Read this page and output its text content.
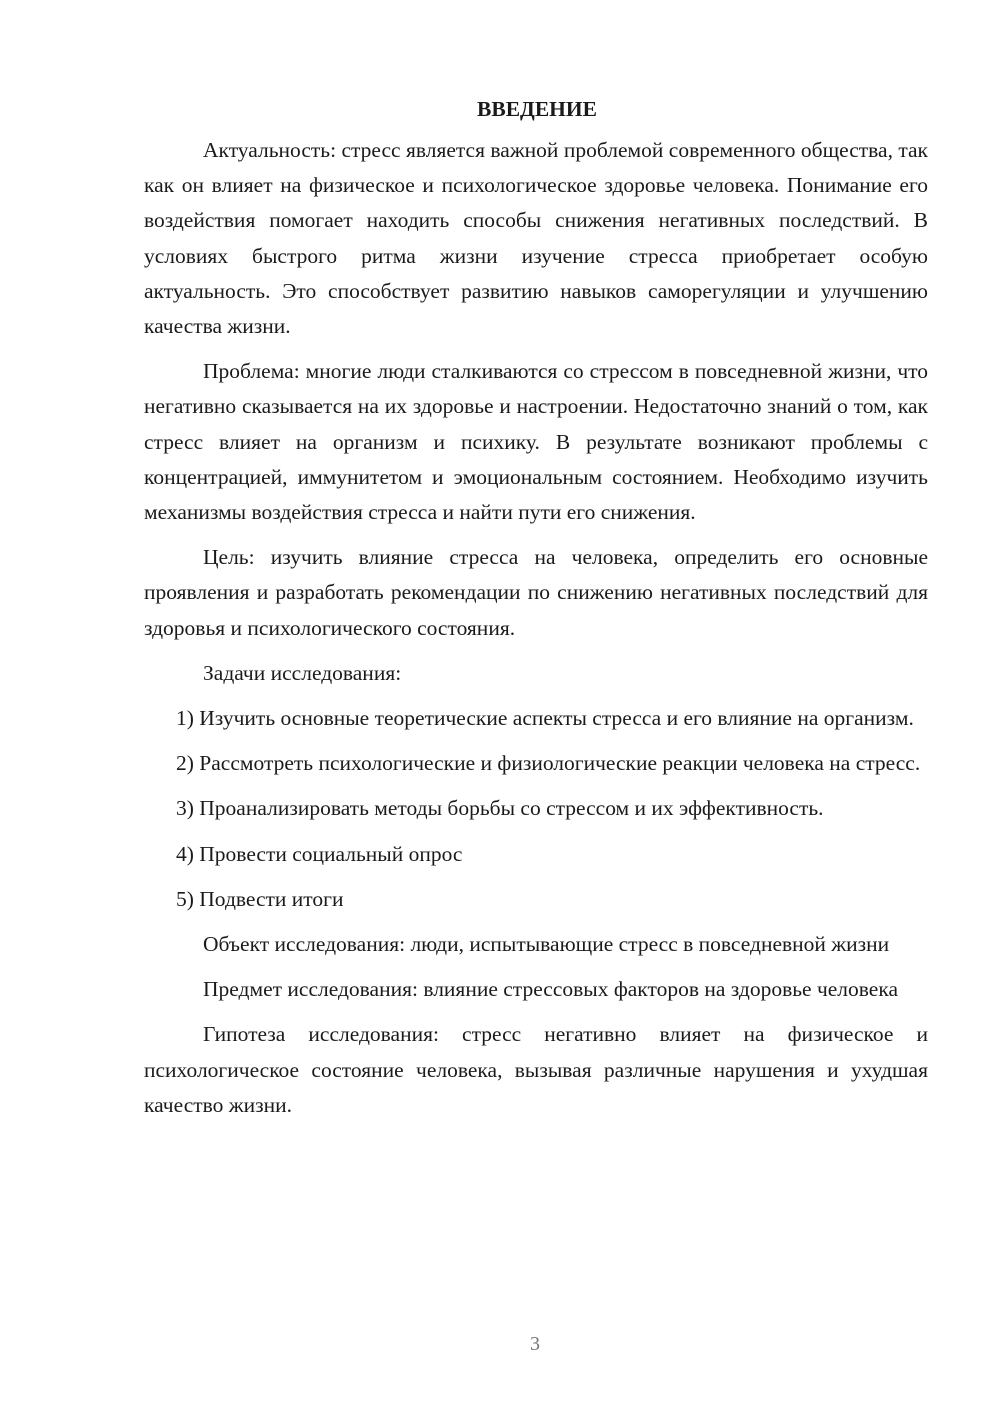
ВВЕДЕНИЕ

Актуальность: стресс является важной проблемой современного общества, так как он влияет на физическое и психологическое здоровье человека. Понимание его воздействия помогает находить способы снижения негативных последствий. В условиях быстрого ритма жизни изучение стресса приобретает особую актуальность. Это способствует развитию навыков саморегуляции и улучшению качества жизни.

Проблема: многие люди сталкиваются со стрессом в повседневной жизни, что негативно сказывается на их здоровье и настроении. Недостаточно знаний о том, как стресс влияет на организм и психику. В результате возникают проблемы с концентрацией, иммунитетом и эмоциональным состоянием. Необходимо изучить механизмы воздействия стресса и найти пути его снижения.

Цель: изучить влияние стресса на человека, определить его основные проявления и разработать рекомендации по снижению негативных последствий для здоровья и психологического состояния.

Задачи исследования:

1) Изучить основные теоретические аспекты стресса и его влияние на организм.

2) Рассмотреть психологические и физиологические реакции человека на стресс.

3) Проанализировать методы борьбы со стрессом и их эффективность.

4) Провести социальный опрос

5) Подвести итоги

Объект исследования: люди, испытывающие стресс в повседневной жизни

Предмет исследования: влияние стрессовых факторов на здоровье человека

Гипотеза исследования: стресс негативно влияет на физическое и психологическое состояние человека, вызывая различные нарушения и ухудшая качество жизни.

3
